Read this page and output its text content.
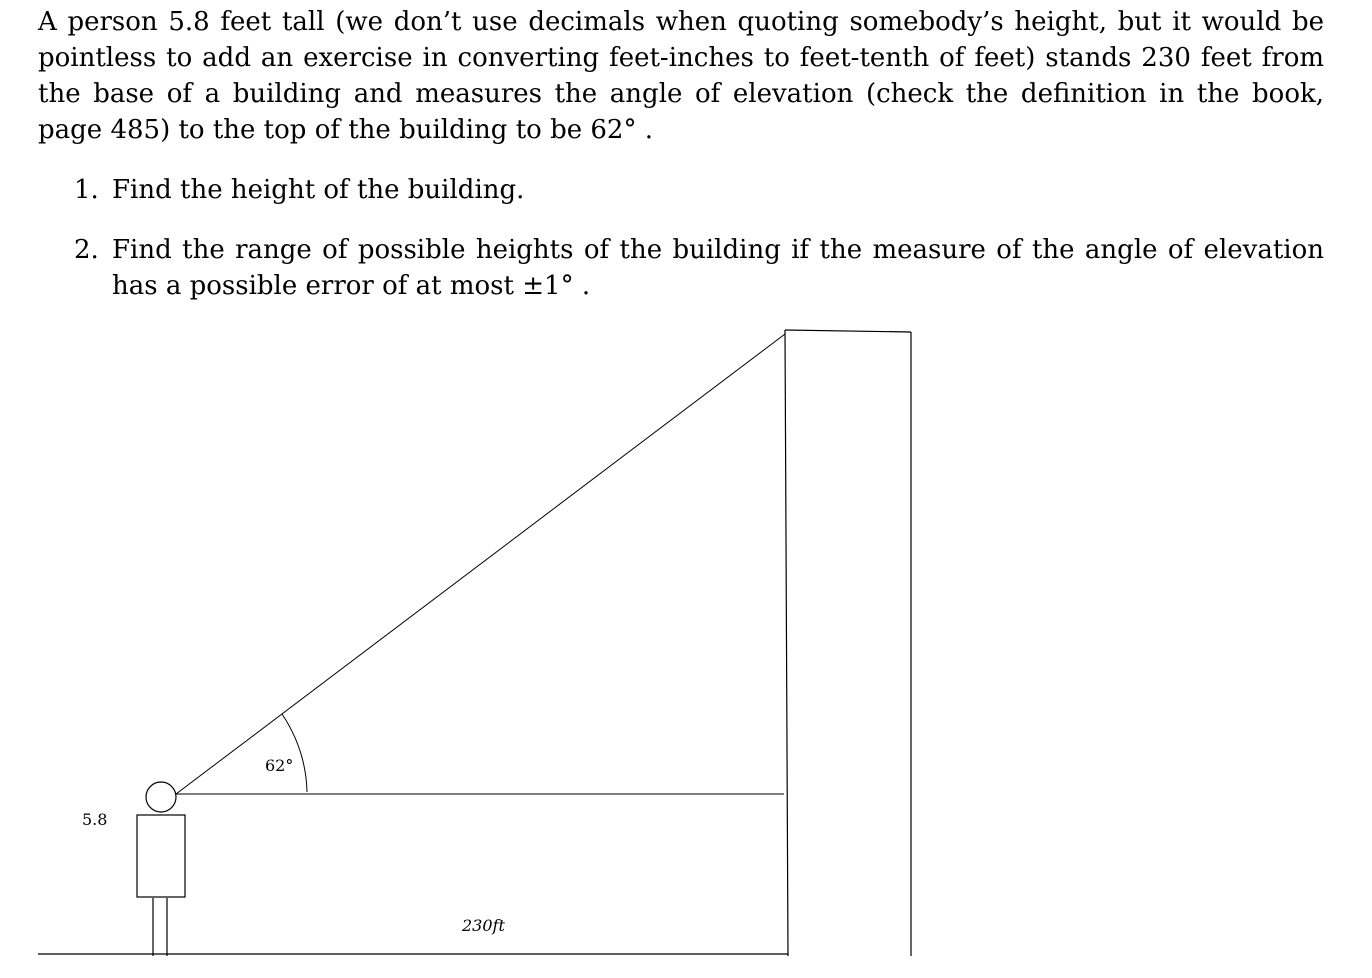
A person 5.8 feet tall (we don’t use decimals when quoting somebody’s height, but it would be pointless to add an exercise in converting feet-inches to feet-tenth of feet) stands 230 feet from the base of a building and measures the angle of elevation (check the definition in the book, page 485) to the top of the building to be 62° .

1. Find the height of the building.
2. Find the range of possible heights of the building if the measure of the angle of elevation has a possible error of at most ±1° .
62°
5.8
230ft
